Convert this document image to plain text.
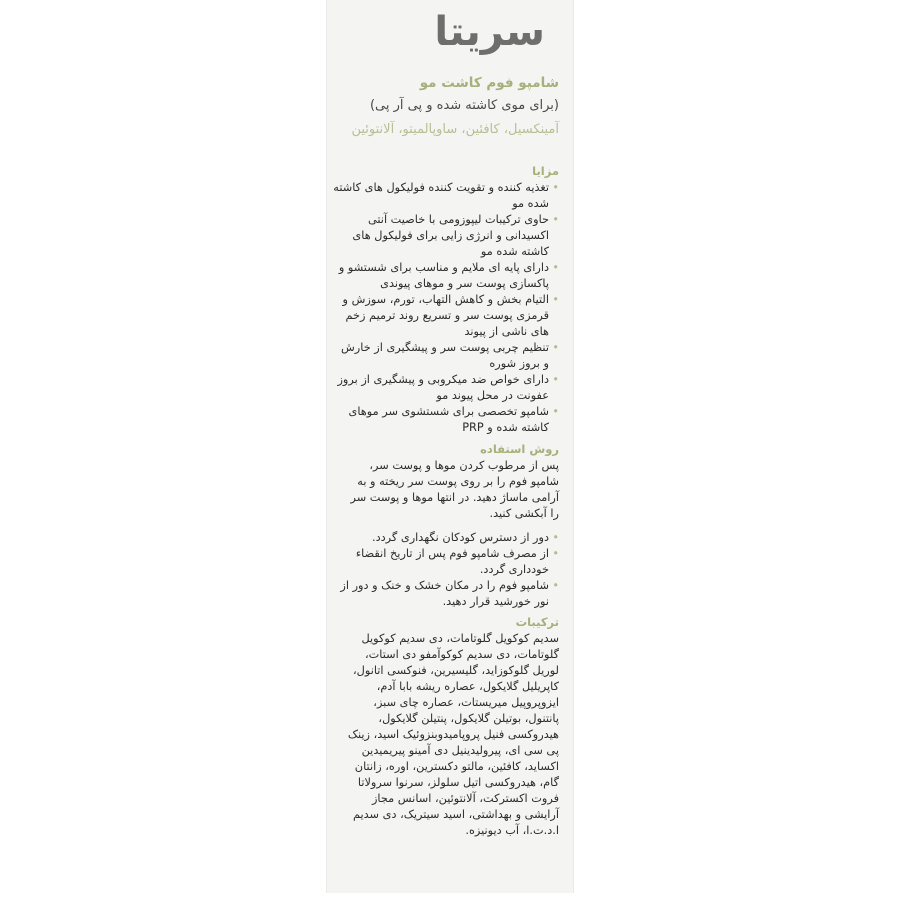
سریتا
شامپو فوم کاشت مو
(برای موی کاشته شده و پی آر پی)
آمینکسیل، کافئین، ساوپالمیتو، آلانتوئین
مزایا
• تغذیه کننده و تقویت کننده فولیکول های کاشته شده مو
• حاوی ترکیبات لیپوزومی با خاصیت آنتی اکسیدانی و انرژی زایی برای فولیکول های کاشته شده مو
• دارای پایه ای ملایم و مناسب برای شستشو و پاکسازی پوست سر و موهای پیوندی
• التیام بخش و کاهش التهاب، تورم، سوزش و قرمزی پوست سر و تسریع روند ترمیم زخم های ناشی از پیوند
• تنظیم چربی پوست سر و پیشگیری از خارش و بروز شوره
• دارای خواص ضد میکروبی و پیشگیری از بروز عفونت در محل پیوند مو
• شامپو تخصصی برای شستشوی سر موهای کاشته شده و PRP
روش استفاده
پس از مرطوب کردن موها و پوست سر، شامپو فوم را بر روی پوست سر ریخته و به آرامی ماساژ دهید. در انتها موها و پوست سر را آبکشی کنید.
• دور از دسترس کودکان نگهداری گردد.
• از مصرف شامپو فوم پس از تاریخ انقضاء خودداری گردد.
• شامپو فوم را در مکان خشک و خنک و دور از نور خورشید قرار دهید.
ترکیبات
سدیم کوکویل گلوتامات، دی سدیم کوکویل گلوتامات، دی سدیم کوکوآمفو دی استات، لوریل گلوکوزاید، گلیسیرین، فنوکسی اتانول، کاپریلیل گلایکول، عصاره ریشه بابا آدم، ایزوپروپیل میریستات، عصاره چای سبز، پانتنول، بوتیلن گلایکول، پنتیلن گلایکول، هیدروکسی فنیل پروپامیدوبنزوئیک اسید، زینک پی سی ای، پیرولیدینیل دی آمینو پیریمیدین اکساید، کافئین، مالتو دکسترین، اوره، زانتان گام، هیدروکسی اتیل سلولز، سرنوا سرولاتا فروت اکسترکت، آلانتوئین، اسانس مجاز آرایشی و بهداشتی، اسید سیتریک، دی سدیم ا.د.ت.ا، آب دیونیزه.
